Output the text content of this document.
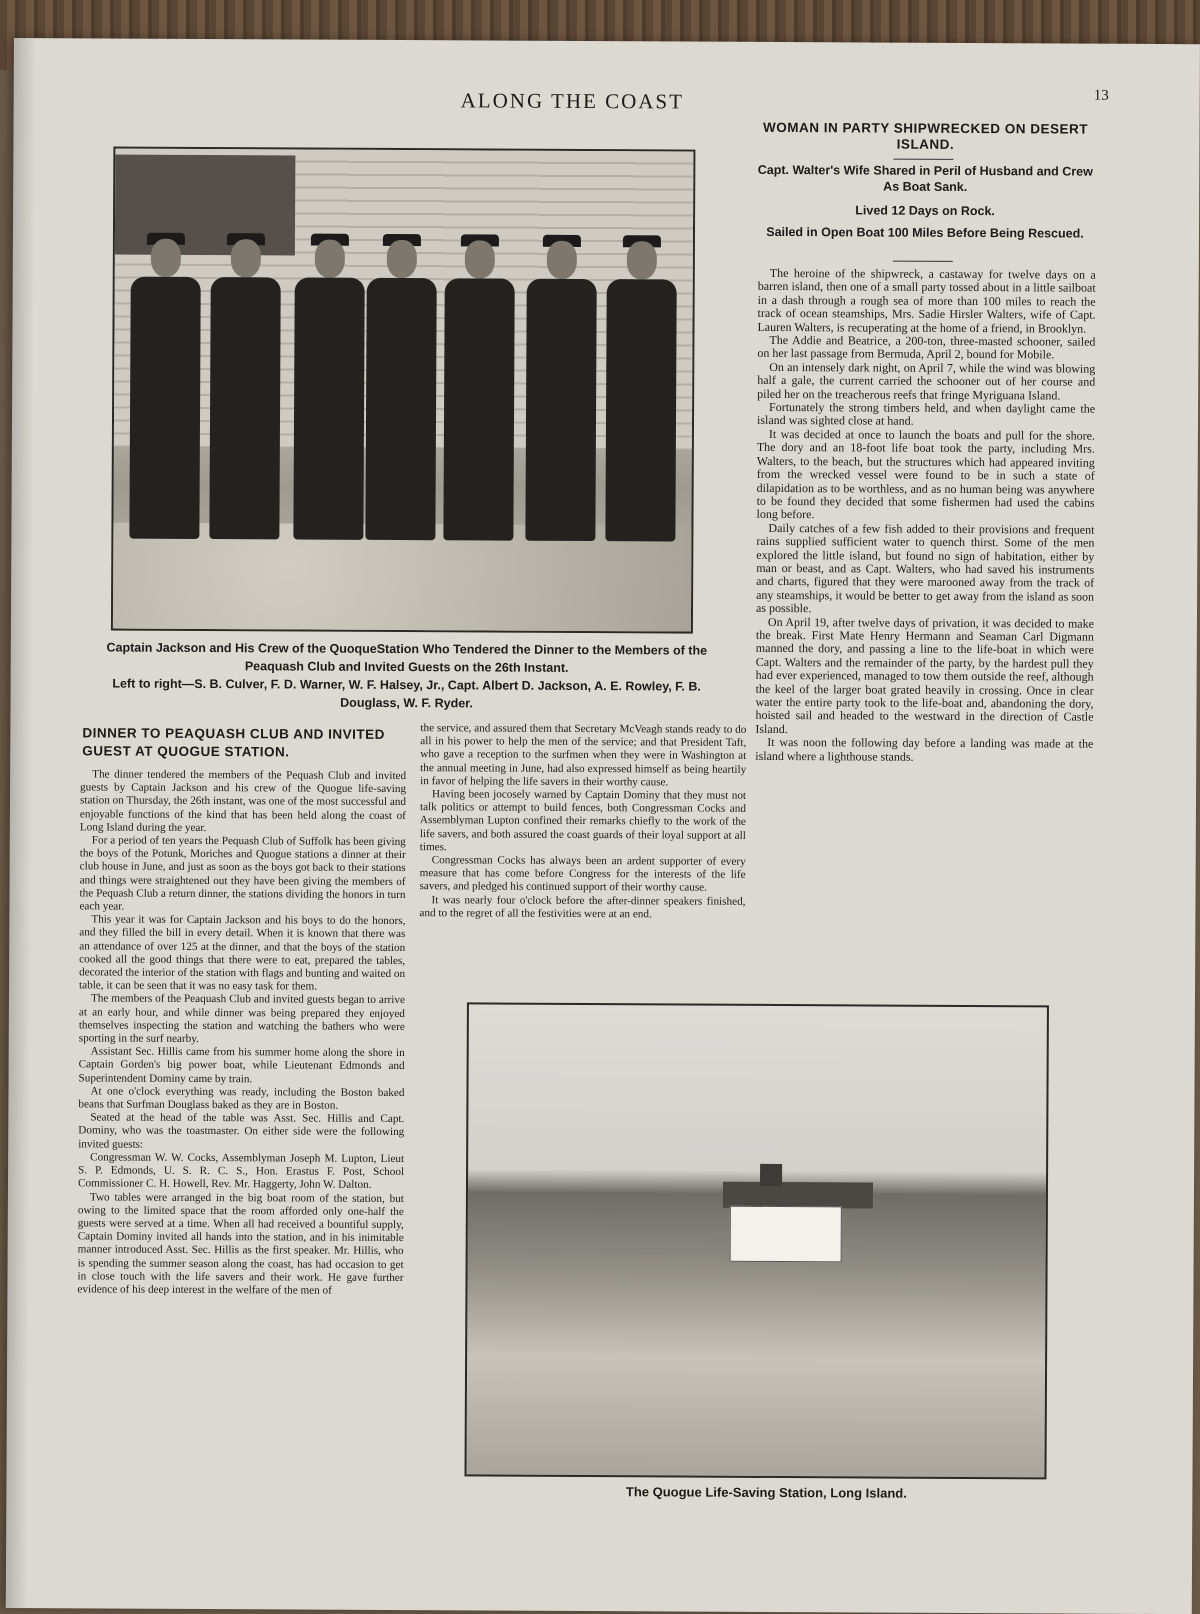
ALONG THE COAST	13
Captain Jackson and His Crew of the QuoqueStation Who Tendered the Dinner to the Members of the Peaquash Club and Invited Guests on the 26th Instant.
Left to right—S. B. Culver, F. D. Warner, W. F. Halsey, Jr., Capt. Albert D. Jackson, A. E. Rowley, F. B. Douglass, W. F. Ryder.
WOMAN IN PARTY SHIPWRECKED ON DESERT ISLAND.
Capt. Walter's Wife Shared in Peril of Husband and Crew As Boat Sank.
Lived 12 Days on Rock.
Sailed in Open Boat 100 Miles Before Being Rescued.

The heroine of the shipwreck, a castaway for twelve days on a barren island, then one of a small party tossed about in a little sailboat in a dash through a rough sea of more than 100 miles to reach the track of ocean steamships, Mrs. Sadie Hirsler Walters, wife of Capt. Lauren Walters, is recuperating at the home of a friend, in Brooklyn.

The Addie and Beatrice, a 200-ton, three-masted schooner, sailed on her last passage from Bermuda, April 2, bound for Mobile.

On an intensely dark night, on April 7, while the wind was blowing half a gale, the current carried the schooner out of her course and piled her on the treacherous reefs that fringe Myriguana Island.

Fortunately the strong timbers held, and when daylight came the island was sighted close at hand.

It was decided at once to launch the boats and pull for the shore. The dory and an 18-foot life boat took the party, including Mrs. Walters, to the beach, but the structures which had appeared inviting from the wrecked vessel were found to be in such a state of dilapidation as to be worthless, and as no human being was anywhere to be found they decided that some fishermen had used the cabins long before.

Daily catches of a few fish added to their provisions and frequent rains supplied sufficient water to quench thirst. Some of the men explored the little island, but found no sign of habitation, either by man or beast, and as Capt. Walters, who had saved his instruments and charts, figured that they were marooned away from the track of any steamships, it would be better to get away from the island as soon as possible.

On April 19, after twelve days of privation, it was decided to make the break. First Mate Henry Hermann and Seaman Carl Digmann manned the dory, and passing a line to the life-boat in which were Capt. Walters and the remainder of the party, by the hardest pull they had ever experienced, managed to tow them outside the reef, although the keel of the larger boat grated heavily in crossing. Once in clear water the entire party took to the life-boat and, abandoning the dory, hoisted sail and headed to the westward in the direction of Castle Island.

It was noon the following day before a landing was made at the island where a lighthouse stands.

DINNER TO PEAQUASH CLUB AND INVITED GUEST AT QUOGUE STATION.

The dinner tendered the members of the Pequash Club and invited guests by Captain Jackson and his crew of the Quogue life-saving station on Thursday, the 26th instant, was one of the most successful and enjoyable functions of the kind that has been held along the coast of Long Island during the year.

For a period of ten years the Pequash Club of Suffolk has been giving the boys of the Potunk, Moriches and Quogue stations a dinner at their club house in June, and just as soon as the boys got back to their stations and things were straightened out they have been giving the members of the Pequash Club a return dinner, the stations dividing the honors in turn each year.

This year it was for Captain Jackson and his boys to do the honors, and they filled the bill in every detail. When it is known that there was an attendance of over 125 at the dinner, and that the boys of the station cooked all the good things that there were to eat, prepared the tables, decorated the interior of the station with flags and bunting and waited on table, it can be seen that it was no easy task for them.

The members of the Peaquash Club and invited guests began to arrive at an early hour, and while dinner was being prepared they enjoyed themselves inspecting the station and watching the bathers who were sporting in the surf nearby.

Assistant Sec. Hillis came from his summer home along the shore in Captain Gorden's big power boat, while Lieutenant Edmonds and Superintendent Dominy came by train.

At one o'clock everything was ready, including the Boston baked beans that Surfman Douglass baked as they are in Boston.

Seated at the head of the table was Asst. Sec. Hillis and Capt. Dominy, who was the toastmaster. On either side were the following invited guests:

Congressman W. W. Cocks, Assemblyman Joseph M. Lupton, Lieut S. P. Edmonds, U. S. R. C. S., Hon. Erastus F. Post, School Commissioner C. H. Howell, Rev. Mr. Haggerty, John W. Dalton.

Two tables were arranged in the big boat room of the station, but owing to the limited space that the room afforded only one-half the guests were served at a time. When all had received a bountiful supply, Captain Dominy invited all hands into the station, and in his inimitable manner introduced Asst. Sec. Hillis as the first speaker. Mr. Hillis, who is spending the summer season along the coast, has had occasion to get in close touch with the life savers and their work. He gave further evidence of his deep interest in the welfare of the men of

the service, and assured them that Secretary McVeagh stands ready to do all in his power to help the men of the service; and that President Taft, who gave a reception to the surfmen when they were in Washington at the annual meeting in June, had also expressed himself as being heartily in favor of helping the life savers in their worthy cause.

Having been jocosely warned by Captain Dominy that they must not talk politics or attempt to build fences, both Congressman Cocks and Assemblyman Lupton confined their remarks chiefly to the work of the life savers, and both assured the coast guards of their loyal support at all times.

Congressman Cocks has always been an ardent supporter of every measure that has come before Congress for the interests of the life savers, and pledged his continued support of their worthy cause.

It was nearly four o'clock before the after-dinner speakers finished, and to the regret of all the festivities were at an end.

The Quogue Life-Saving Station, Long Island.
